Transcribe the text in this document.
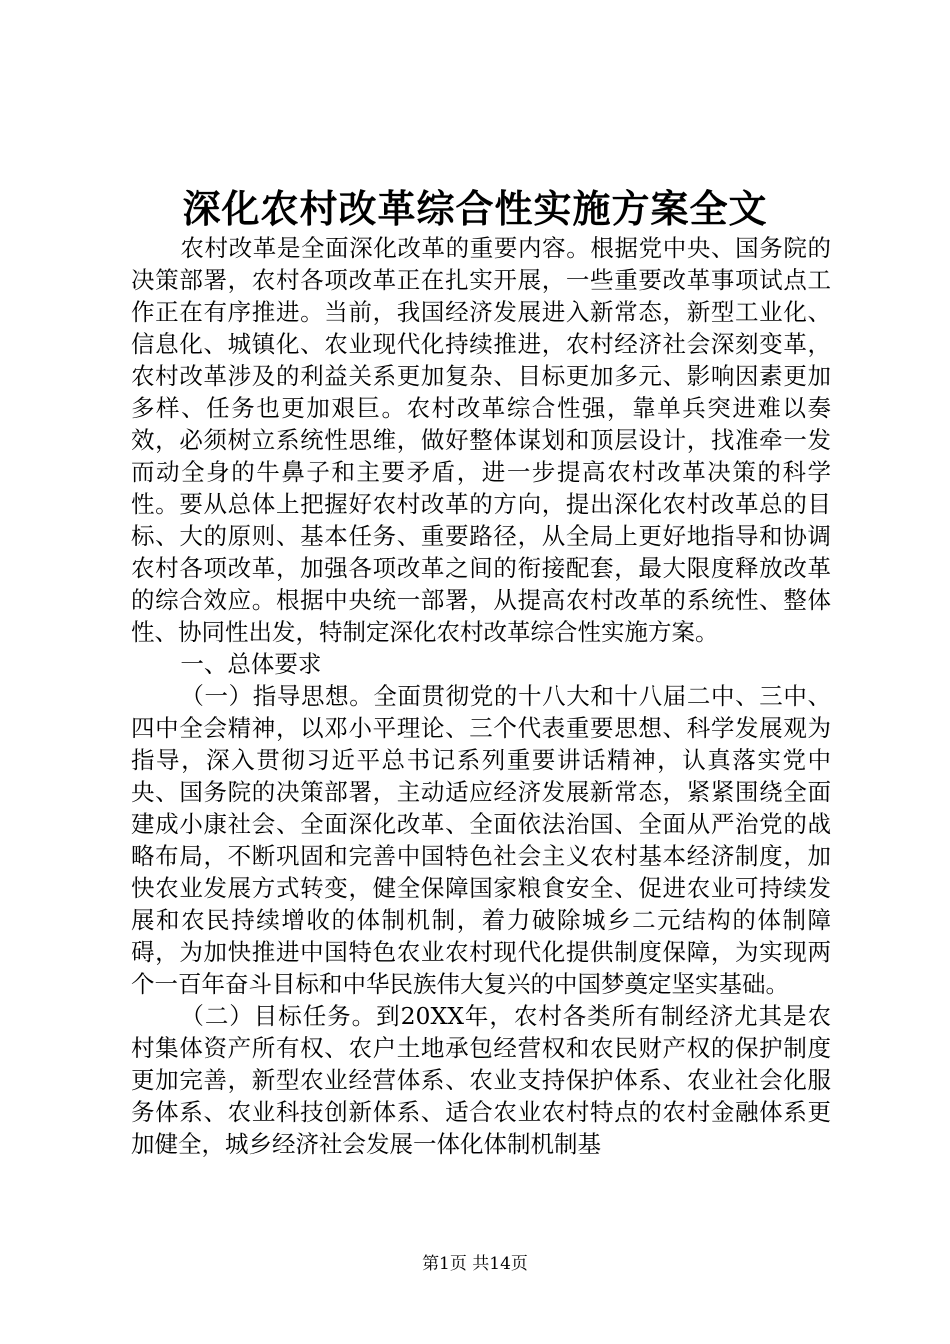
深化农村改革综合性实施方案全文

农村改革是全面深化改革的重要内容。根据党中央、国务院的决策部署，农村各项改革正在扎实开展，一些重要改革事项试点工作正在有序推进。当前，我国经济发展进入新常态，新型工业化、信息化、城镇化、农业现代化持续推进，农村经济社会深刻变革，农村改革涉及的利益关系更加复杂、目标更加多元、影响因素更加多样、任务也更加艰巨。农村改革综合性强，靠单兵突进难以奏效，必须树立系统性思维，做好整体谋划和顶层设计，找准牵一发而动全身的牛鼻子和主要矛盾，进一步提高农村改革决策的科学性。要从总体上把握好农村改革的方向，提出深化农村改革总的目标、大的原则、基本任务、重要路径，从全局上更好地指导和协调农村各项改革，加强各项改革之间的衔接配套，最大限度释放改革的综合效应。根据中央统一部署，从提高农村改革的系统性、整体性、协同性出发，特制定深化农村改革综合性实施方案。

一、总体要求

（一）指导思想。全面贯彻党的十八大和十八届二中、三中、四中全会精神，以邓小平理论、三个代表重要思想、科学发展观为指导，深入贯彻习近平总书记系列重要讲话精神，认真落实党中央、国务院的决策部署，主动适应经济发展新常态，紧紧围绕全面建成小康社会、全面深化改革、全面依法治国、全面从严治党的战略布局，不断巩固和完善中国特色社会主义农村基本经济制度，加快农业发展方式转变，健全保障国家粮食安全、促进农业可持续发展和农民持续增收的体制机制，着力破除城乡二元结构的体制障碍，为加快推进中国特色农业农村现代化提供制度保障，为实现两个一百年奋斗目标和中华民族伟大复兴的中国梦奠定坚实基础。

（二）目标任务。到20XX年，农村各类所有制经济尤其是农村集体资产所有权、农户土地承包经营权和农民财产权的保护制度更加完善，新型农业经营体系、农业支持保护体系、农业社会化服务体系、农业科技创新体系、适合农业农村特点的农村金融体系更加健全，城乡经济社会发展一体化体制机制基

第1页 共14页
